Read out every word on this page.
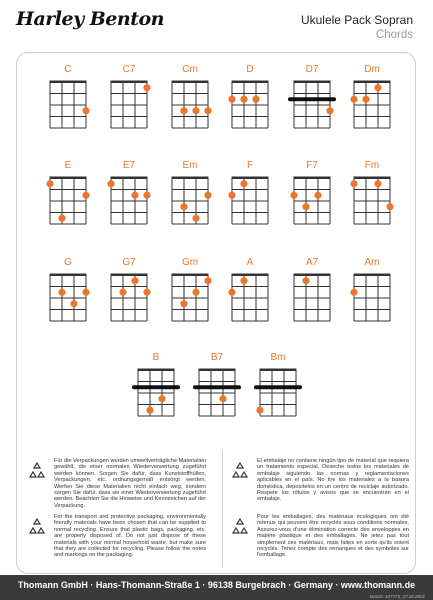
Harley Benton	Ukulele Pack Sopran
Chords
C	C7	Cm	D	D7	Dm
E	E7	Em	F	F7	Fm
G	G7	Gm	A	A7	Am
B	B7	Bm

Für die Verpackungen wurden umweltverträgliche Materialien gewählt, die einer normalen Wiederverwertung zugeführt werden können. Sorgen Sie dafür, dass Kunststoffhüllen, Verpackungen, etc. ordnungsgemäß entsorgt werden. Werfen Sie diese Materialien nicht einfach weg, sondern sorgen Sie dafür, dass sie einer Wiederverwertung zugeführt werden. Beachten Sie die Hinweise und Kennzeichen auf der Verpackung.

For the transport and protective packaging, environmentally friendly materials have been chosen that can be supplied to normal recycling. Ensure that plastic bags, packaging, etc. are properly disposed of. Do not just dispose of these materials with your normal household waste, but make sure that they are collected for recycling. Please follow the notes and markings on the packaging.

El embalaje no contiene ningún tipo de material que requiera un tratamiento especial. Deseche todos los materiales de embalaje siguiendo las normas y reglamentaciones aplicables en el país. No tire los materiales a la basura doméstica, deposítelos en un centro de reciclaje autorizado. Respete los rótulos y avisos que se encuentran en el embalaje.

Pour les emballages, des matériaux écologiques ont été retenus qui peuvent être recyclés sous conditions normales. Assurez-vous d'une élimination correcte des enveloppes en matière plastique et des emballages. Ne jetez pas tout simplement ces matériaux, mais faites en sorte qu'ils soient recyclés. Tenez compte des remarques et des symboles sur l'emballage.

Thomann GmbH · Hans-Thomann-Straße 1 · 96138 Burgebrach · Germany · www.thomann.de
DocID: 427775_27.10.2021
